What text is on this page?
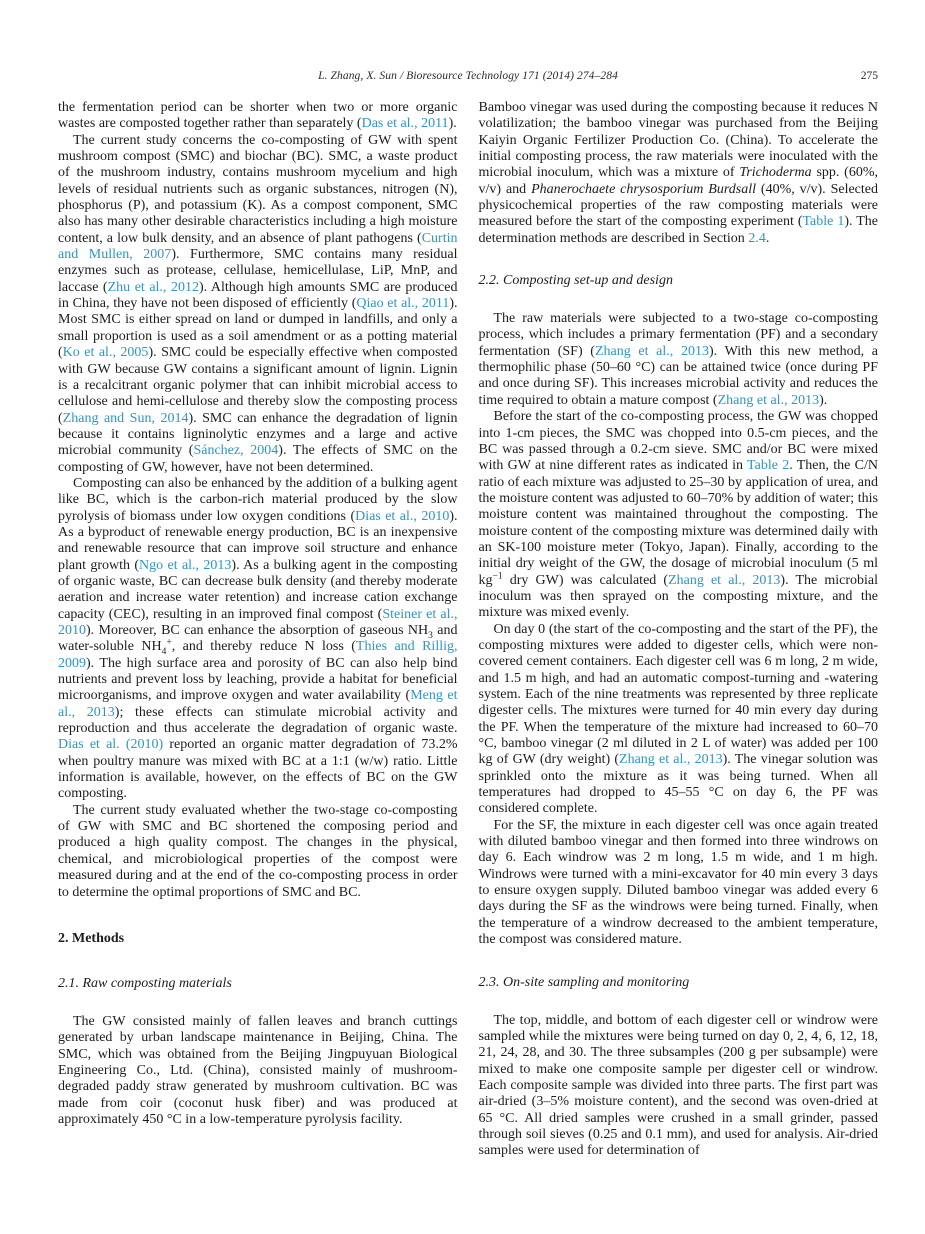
L. Zhang, X. Sun / Bioresource Technology 171 (2014) 274–284	275

the fermentation period can be shorter when two or more organic wastes are composted together rather than separately (Das et al., 2011).

The current study concerns the co-composting of GW with spent mushroom compost (SMC) and biochar (BC). SMC, a waste product of the mushroom industry, contains mushroom mycelium and high levels of residual nutrients such as organic substances, nitrogen (N), phosphorus (P), and potassium (K). As a compost component, SMC also has many other desirable characteristics including a high moisture content, a low bulk density, and an absence of plant pathogens (Curtin and Mullen, 2007). Furthermore, SMC contains many residual enzymes such as protease, cellulase, hemicellulase, LiP, MnP, and laccase (Zhu et al., 2012). Although high amounts SMC are produced in China, they have not been disposed of efficiently (Qiao et al., 2011). Most SMC is either spread on land or dumped in landfills, and only a small proportion is used as a soil amendment or as a potting material (Ko et al., 2005). SMC could be especially effective when composted with GW because GW contains a significant amount of lignin. Lignin is a recalcitrant organic polymer that can inhibit microbial access to cellulose and hemi-cellulose and thereby slow the composting process (Zhang and Sun, 2014). SMC can enhance the degradation of lignin because it contains ligninolytic enzymes and a large and active microbial community (Sánchez, 2004). The effects of SMC on the composting of GW, however, have not been determined.

Composting can also be enhanced by the addition of a bulking agent like BC, which is the carbon-rich material produced by the slow pyrolysis of biomass under low oxygen conditions (Dias et al., 2010). As a byproduct of renewable energy production, BC is an inexpensive and renewable resource that can improve soil structure and enhance plant growth (Ngo et al., 2013). As a bulking agent in the composting of organic waste, BC can decrease bulk density (and thereby moderate aeration and increase water retention) and increase cation exchange capacity (CEC), resulting in an improved final compost (Steiner et al., 2010). Moreover, BC can enhance the absorption of gaseous $NH_3$ and water-soluble $NH_4^+$, and thereby reduce N loss (Thies and Rillig, 2009). The high surface area and porosity of BC can also help bind nutrients and prevent loss by leaching, provide a habitat for beneficial microorganisms, and improve oxygen and water availability (Meng et al., 2013); these effects can stimulate microbial activity and reproduction and thus accelerate the degradation of organic waste. Dias et al. (2010) reported an organic matter degradation of 73.2% when poultry manure was mixed with BC at a 1:1 (w/w) ratio. Little information is available, however, on the effects of BC on the GW composting.

The current study evaluated whether the two-stage co-composting of GW with SMC and BC shortened the composing period and produced a high quality compost. The changes in the physical, chemical, and microbiological properties of the compost were measured during and at the end of the co-composting process in order to determine the optimal proportions of SMC and BC.

2. Methods
2.1. Raw composting materials

The GW consisted mainly of fallen leaves and branch cuttings generated by urban landscape maintenance in Beijing, China. The SMC, which was obtained from the Beijing Jingpuyuan Biological Engineering Co., Ltd. (China), consisted mainly of mushroom-degraded paddy straw generated by mushroom cultivation. BC was made from coir (coconut husk fiber) and was produced at approximately 450 °C in a low-temperature pyrolysis facility.

Bamboo vinegar was used during the composting because it reduces N volatilization; the bamboo vinegar was purchased from the Beijing Kaiyin Organic Fertilizer Production Co. (China). To accelerate the initial composting process, the raw materials were inoculated with the microbial inoculum, which was a mixture of Trichoderma spp. (60%, v/v) and Phanerochaete chrysosporium Burdsall (40%, v/v). Selected physicochemical properties of the raw composting materials were measured before the start of the composting experiment (Table 1). The determination methods are described in Section 2.4.

2.2. Composting set-up and design

The raw materials were subjected to a two-stage co-composting process, which includes a primary fermentation (PF) and a secondary fermentation (SF) (Zhang et al., 2013). With this new method, a thermophilic phase (50–60 °C) can be attained twice (once during PF and once during SF). This increases microbial activity and reduces the time required to obtain a mature compost (Zhang et al., 2013).

Before the start of the co-composting process, the GW was chopped into 1-cm pieces, the SMC was chopped into 0.5-cm pieces, and the BC was passed through a 0.2-cm sieve. SMC and/or BC were mixed with GW at nine different rates as indicated in Table 2. Then, the C/N ratio of each mixture was adjusted to 25–30 by application of urea, and the moisture content was adjusted to 60–70% by addition of water; this moisture content was maintained throughout the composting. The moisture content of the composting mixture was determined daily with an SK-100 moisture meter (Tokyo, Japan). Finally, according to the initial dry weight of the GW, the dosage of microbial inoculum (5 ml $kg^{-1}$ dry GW) was calculated (Zhang et al., 2013). The microbial inoculum was then sprayed on the composting mixture, and the mixture was mixed evenly.

On day 0 (the start of the co-composting and the start of the PF), the composting mixtures were added to digester cells, which were non-covered cement containers. Each digester cell was 6 m long, 2 m wide, and 1.5 m high, and had an automatic compost-turning and -watering system. Each of the nine treatments was represented by three replicate digester cells. The mixtures were turned for 40 min every day during the PF. When the temperature of the mixture had increased to 60–70 °C, bamboo vinegar (2 ml diluted in 2 L of water) was added per 100 kg of GW (dry weight) (Zhang et al., 2013). The vinegar solution was sprinkled onto the mixture as it was being turned. When all temperatures had dropped to 45–55 °C on day 6, the PF was considered complete.

For the SF, the mixture in each digester cell was once again treated with diluted bamboo vinegar and then formed into three windrows on day 6. Each windrow was 2 m long, 1.5 m wide, and 1 m high. Windrows were turned with a mini-excavator for 40 min every 3 days to ensure oxygen supply. Diluted bamboo vinegar was added every 6 days during the SF as the windrows were being turned. Finally, when the temperature of a windrow decreased to the ambient temperature, the compost was considered mature.

2.3. On-site sampling and monitoring

The top, middle, and bottom of each digester cell or windrow were sampled while the mixtures were being turned on day 0, 2, 4, 6, 12, 18, 21, 24, 28, and 30. The three subsamples (200 g per subsample) were mixed to make one composite sample per digester cell or windrow. Each composite sample was divided into three parts. The first part was air-dried (3–5% moisture content), and the second was oven-dried at 65 °C. All dried samples were crushed in a small grinder, passed through soil sieves (0.25 and 0.1 mm), and used for analysis. Air-dried samples were used for determination of
